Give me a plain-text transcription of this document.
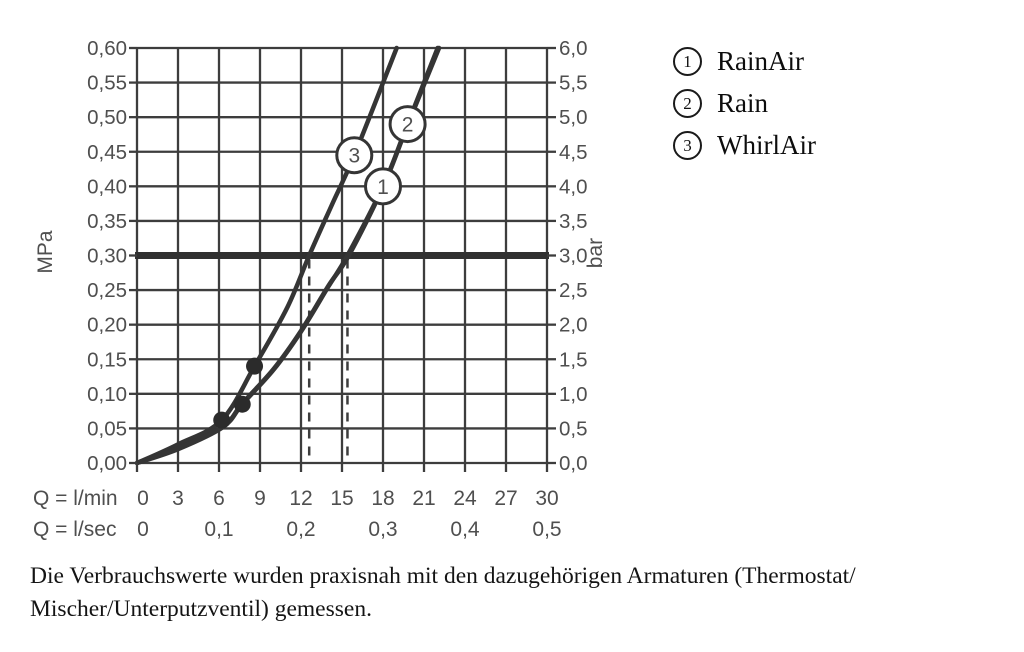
3
1
2
0,00
0,05
0,10
0,15
0,20
0,25
0,30
0,35
0,40
0,45
0,50
0,55
0,60
0,0
0,5
1,0
1,5
2,0
2,5
3,0
3,5
4,0
4,5
5,0
5,5
6,0
0 3 6 9 12 15 18 21 24 27 30
0	0,1	0,2	0,3	0,4	0,5
MPa	bar
Q = l/min
Q = l/sec
1 RainAir
2 Rain
3 WhirlAir
Die Verbrauchswerte wurden praxisnah mit den dazugehörigen Armaturen (Thermostat/
Mischer/Unterputzventil) gemessen.
